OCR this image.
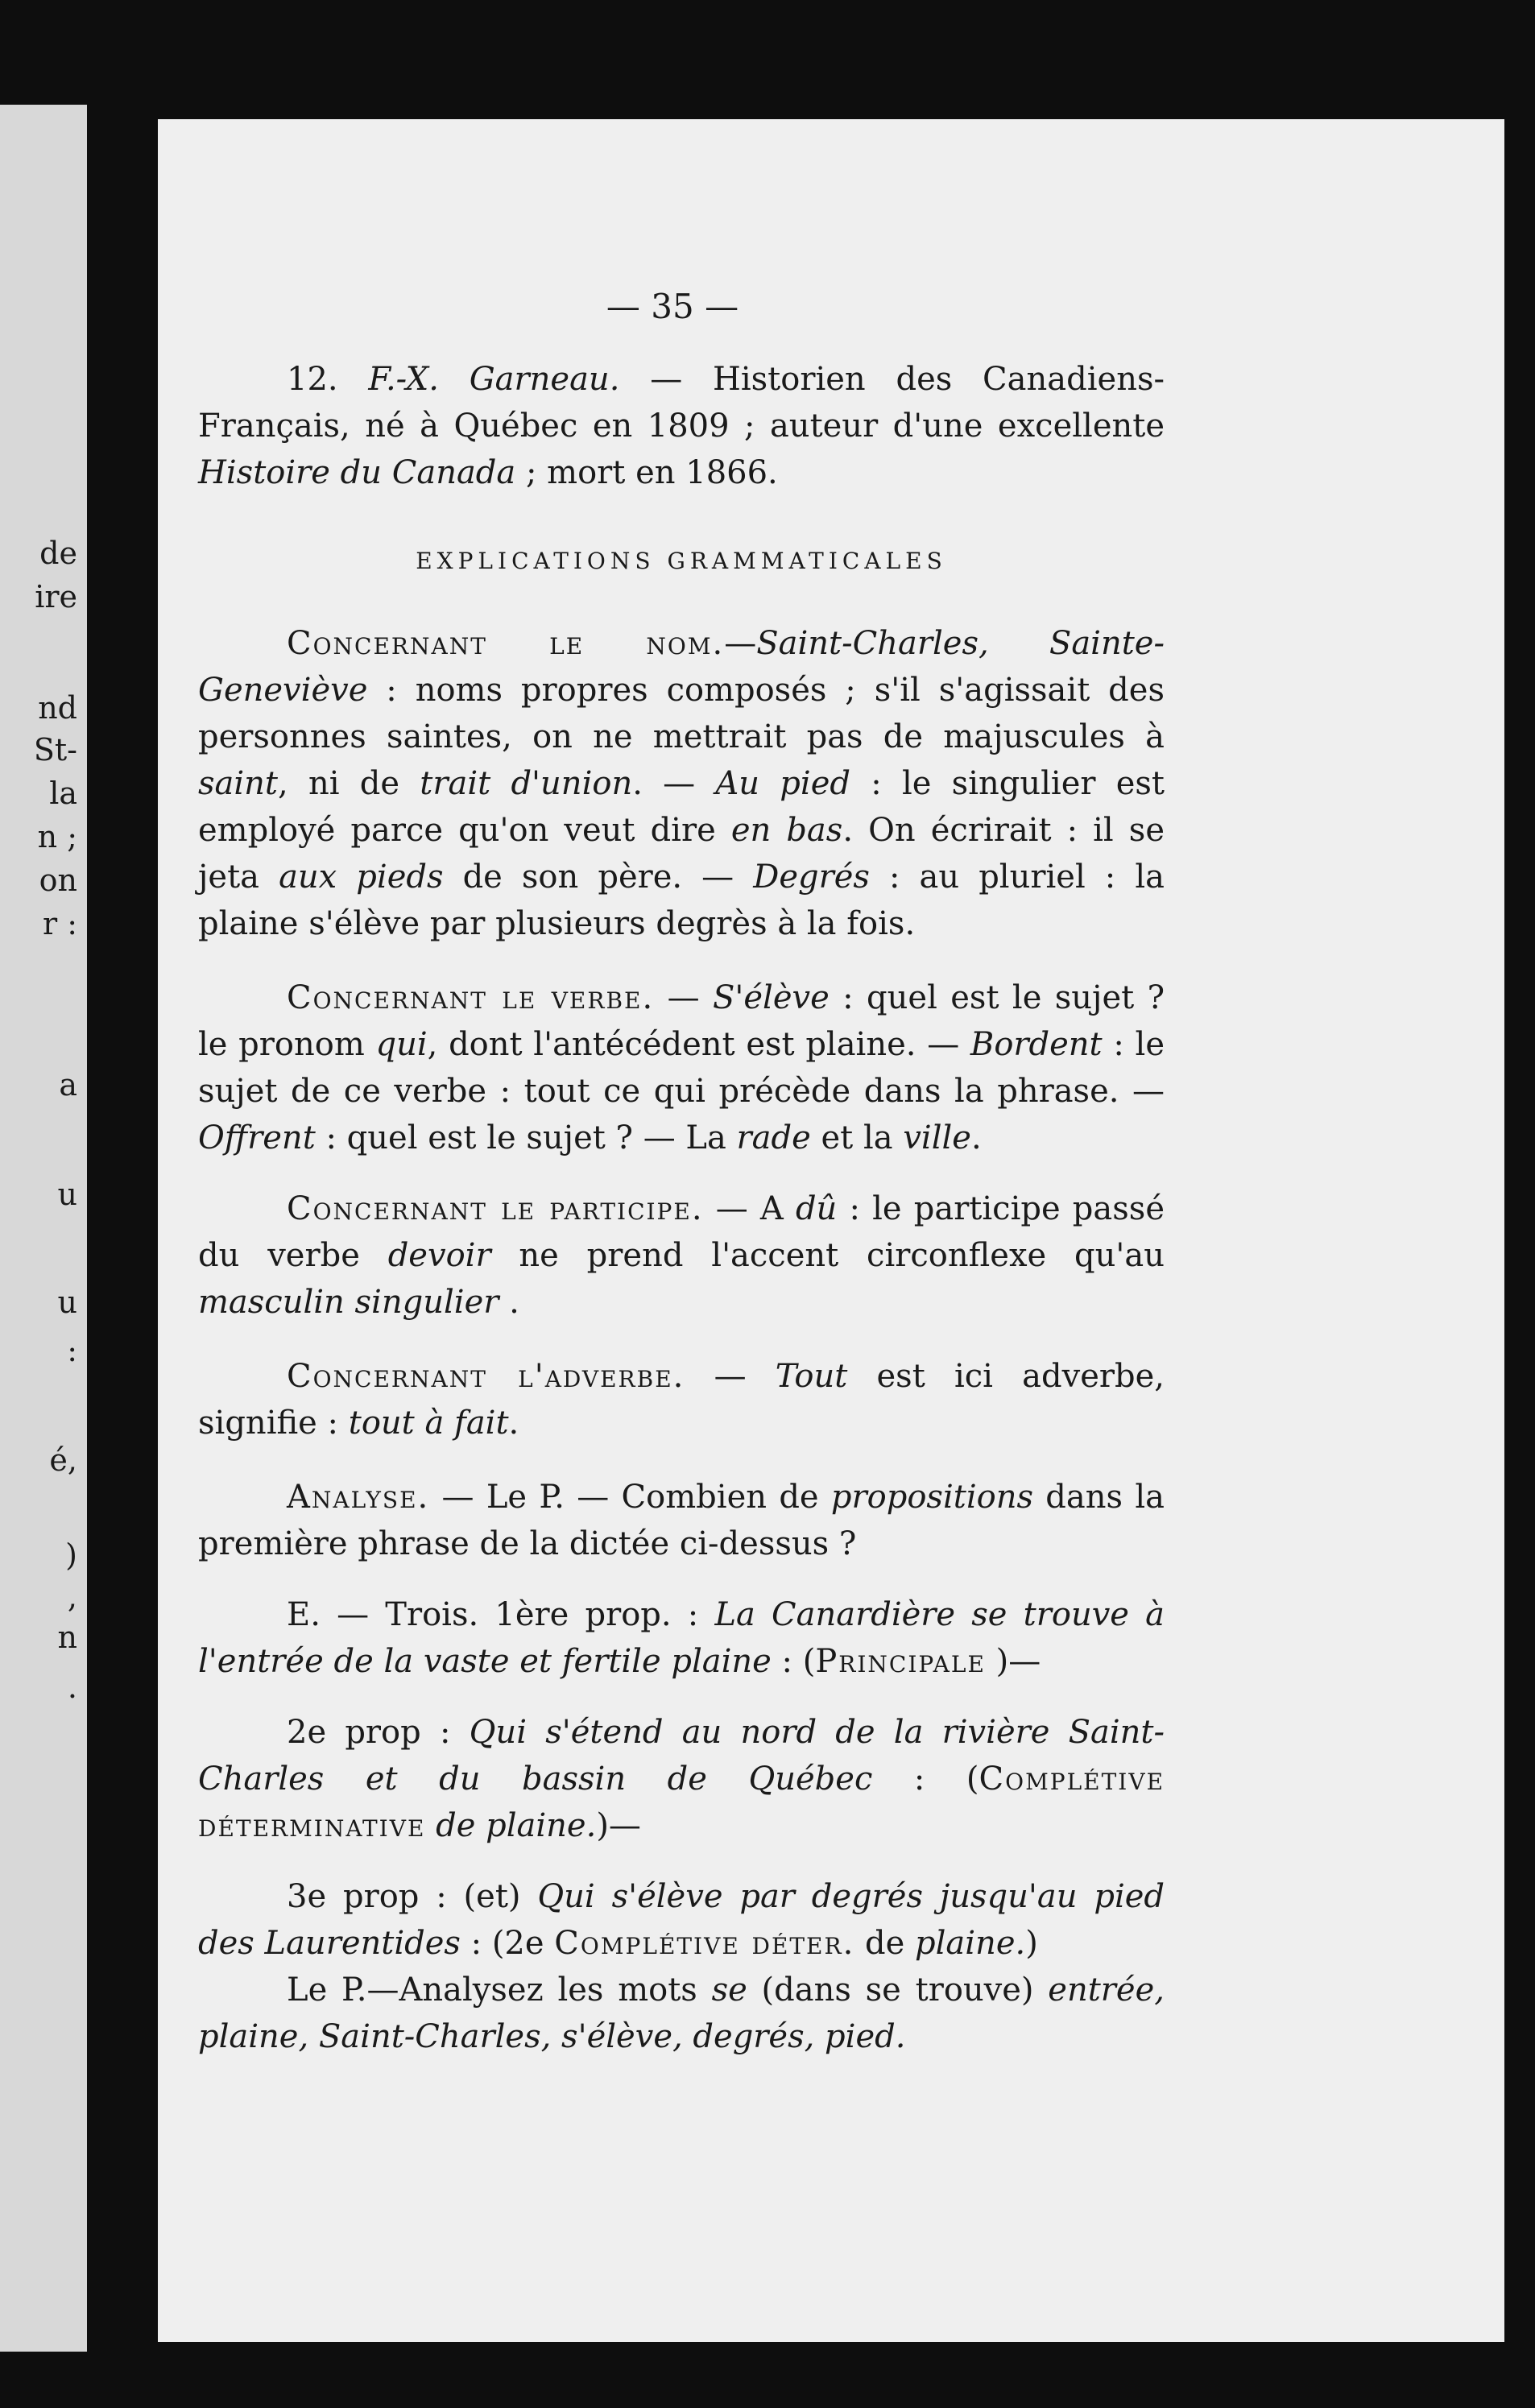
de
ire
nd
St-
la
n ;
on
r :
a
u
u
:
é,
)
,
n
.
— 35 —

12. F.-X. Garneau. — Historien des Canadiens-Français, né à Québec en 1809 ; auteur d'une excellente Histoire du Canada ; mort en 1866.

EXPLICATIONS GRAMMATICALES

Concernant le nom.—Saint-Charles, Sainte-Geneviève : noms propres composés ; s'il s'agissait des personnes saintes, on ne mettrait pas de majuscules à saint, ni de trait d'union. — Au pied : le singulier est employé parce qu'on veut dire en bas. On écrirait : il se jeta aux pieds de son père. — Degrés : au pluriel : la plaine s'élève par plusieurs degrès à la fois.

Concernant le verbe. — S'élève : quel est le sujet ? le pronom qui, dont l'antécédent est plaine. — Bordent : le sujet de ce verbe : tout ce qui précède dans la phrase. — Offrent : quel est le sujet ? — La rade et la ville.

Concernant le participe. — A dû : le participe passé du verbe devoir ne prend l'accent circonflexe qu'au masculin singulier .

Concernant l'adverbe. — Tout est ici adverbe, signifie : tout à fait.

Analyse. — Le P. — Combien de propositions dans la première phrase de la dictée ci-dessus ?

E. — Trois. 1ère prop. : La Canardière se trouve à l'entrée de la vaste et fertile plaine : (Principale )—

2e prop : Qui s'étend au nord de la rivière Saint-Charles et du bassin de Québec : (Complétive déterminative de plaine.)—

3e prop : (et) Qui s'élève par degrés jusqu'au pied des Laurentides : (2e Complétive déter. de plaine.)

Le P.—Analysez les mots se (dans se trouve) entrée, plaine, Saint-Charles, s'élève, degrés, pied.
